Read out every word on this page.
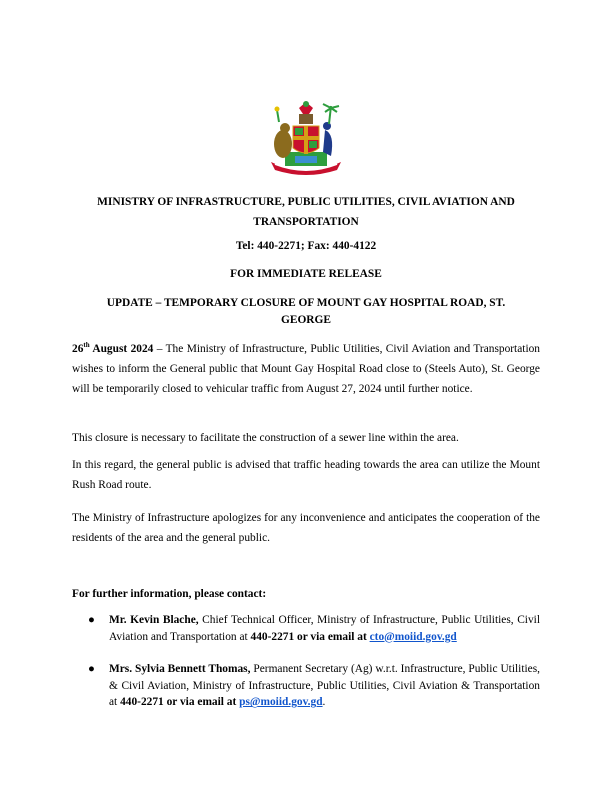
MINISTRY OF INFRASTRUCTURE, PUBLIC UTILITIES, CIVIL AVIATION AND
TRANSPORTATION
Tel: 440-2271; Fax: 440-4122
FOR IMMEDIATE RELEASE
UPDATE – TEMPORARY CLOSURE OF MOUNT GAY HOSPITAL ROAD, ST.
GEORGE

26th August 2024 – The Ministry of Infrastructure, Public Utilities, Civil Aviation and Transportation wishes to inform the General public that Mount Gay Hospital Road close to (Steels Auto), St. George will be temporarily closed to vehicular traffic from August 27, 2024 until further notice.

This closure is necessary to facilitate the construction of a sewer line within the area.

In this regard, the general public is advised that traffic heading towards the area can utilize the Mount Rush Road route.

The Ministry of Infrastructure apologizes for any inconvenience and anticipates the cooperation of the residents of the area and the general public.

For further information, please contact:
● Mr. Kevin Blache, Chief Technical Officer, Ministry of Infrastructure, Public Utilities, Civil Aviation and Transportation at 440-2271 or via email at cto@moiid.gov.gd
● Mrs. Sylvia Bennett Thomas, Permanent Secretary (Ag) w.r.t. Infrastructure, Public Utilities, & Civil Aviation, Ministry of Infrastructure, Public Utilities, Civil Aviation & Transportation at 440-2271 or via email at ps@moiid.gov.gd.
